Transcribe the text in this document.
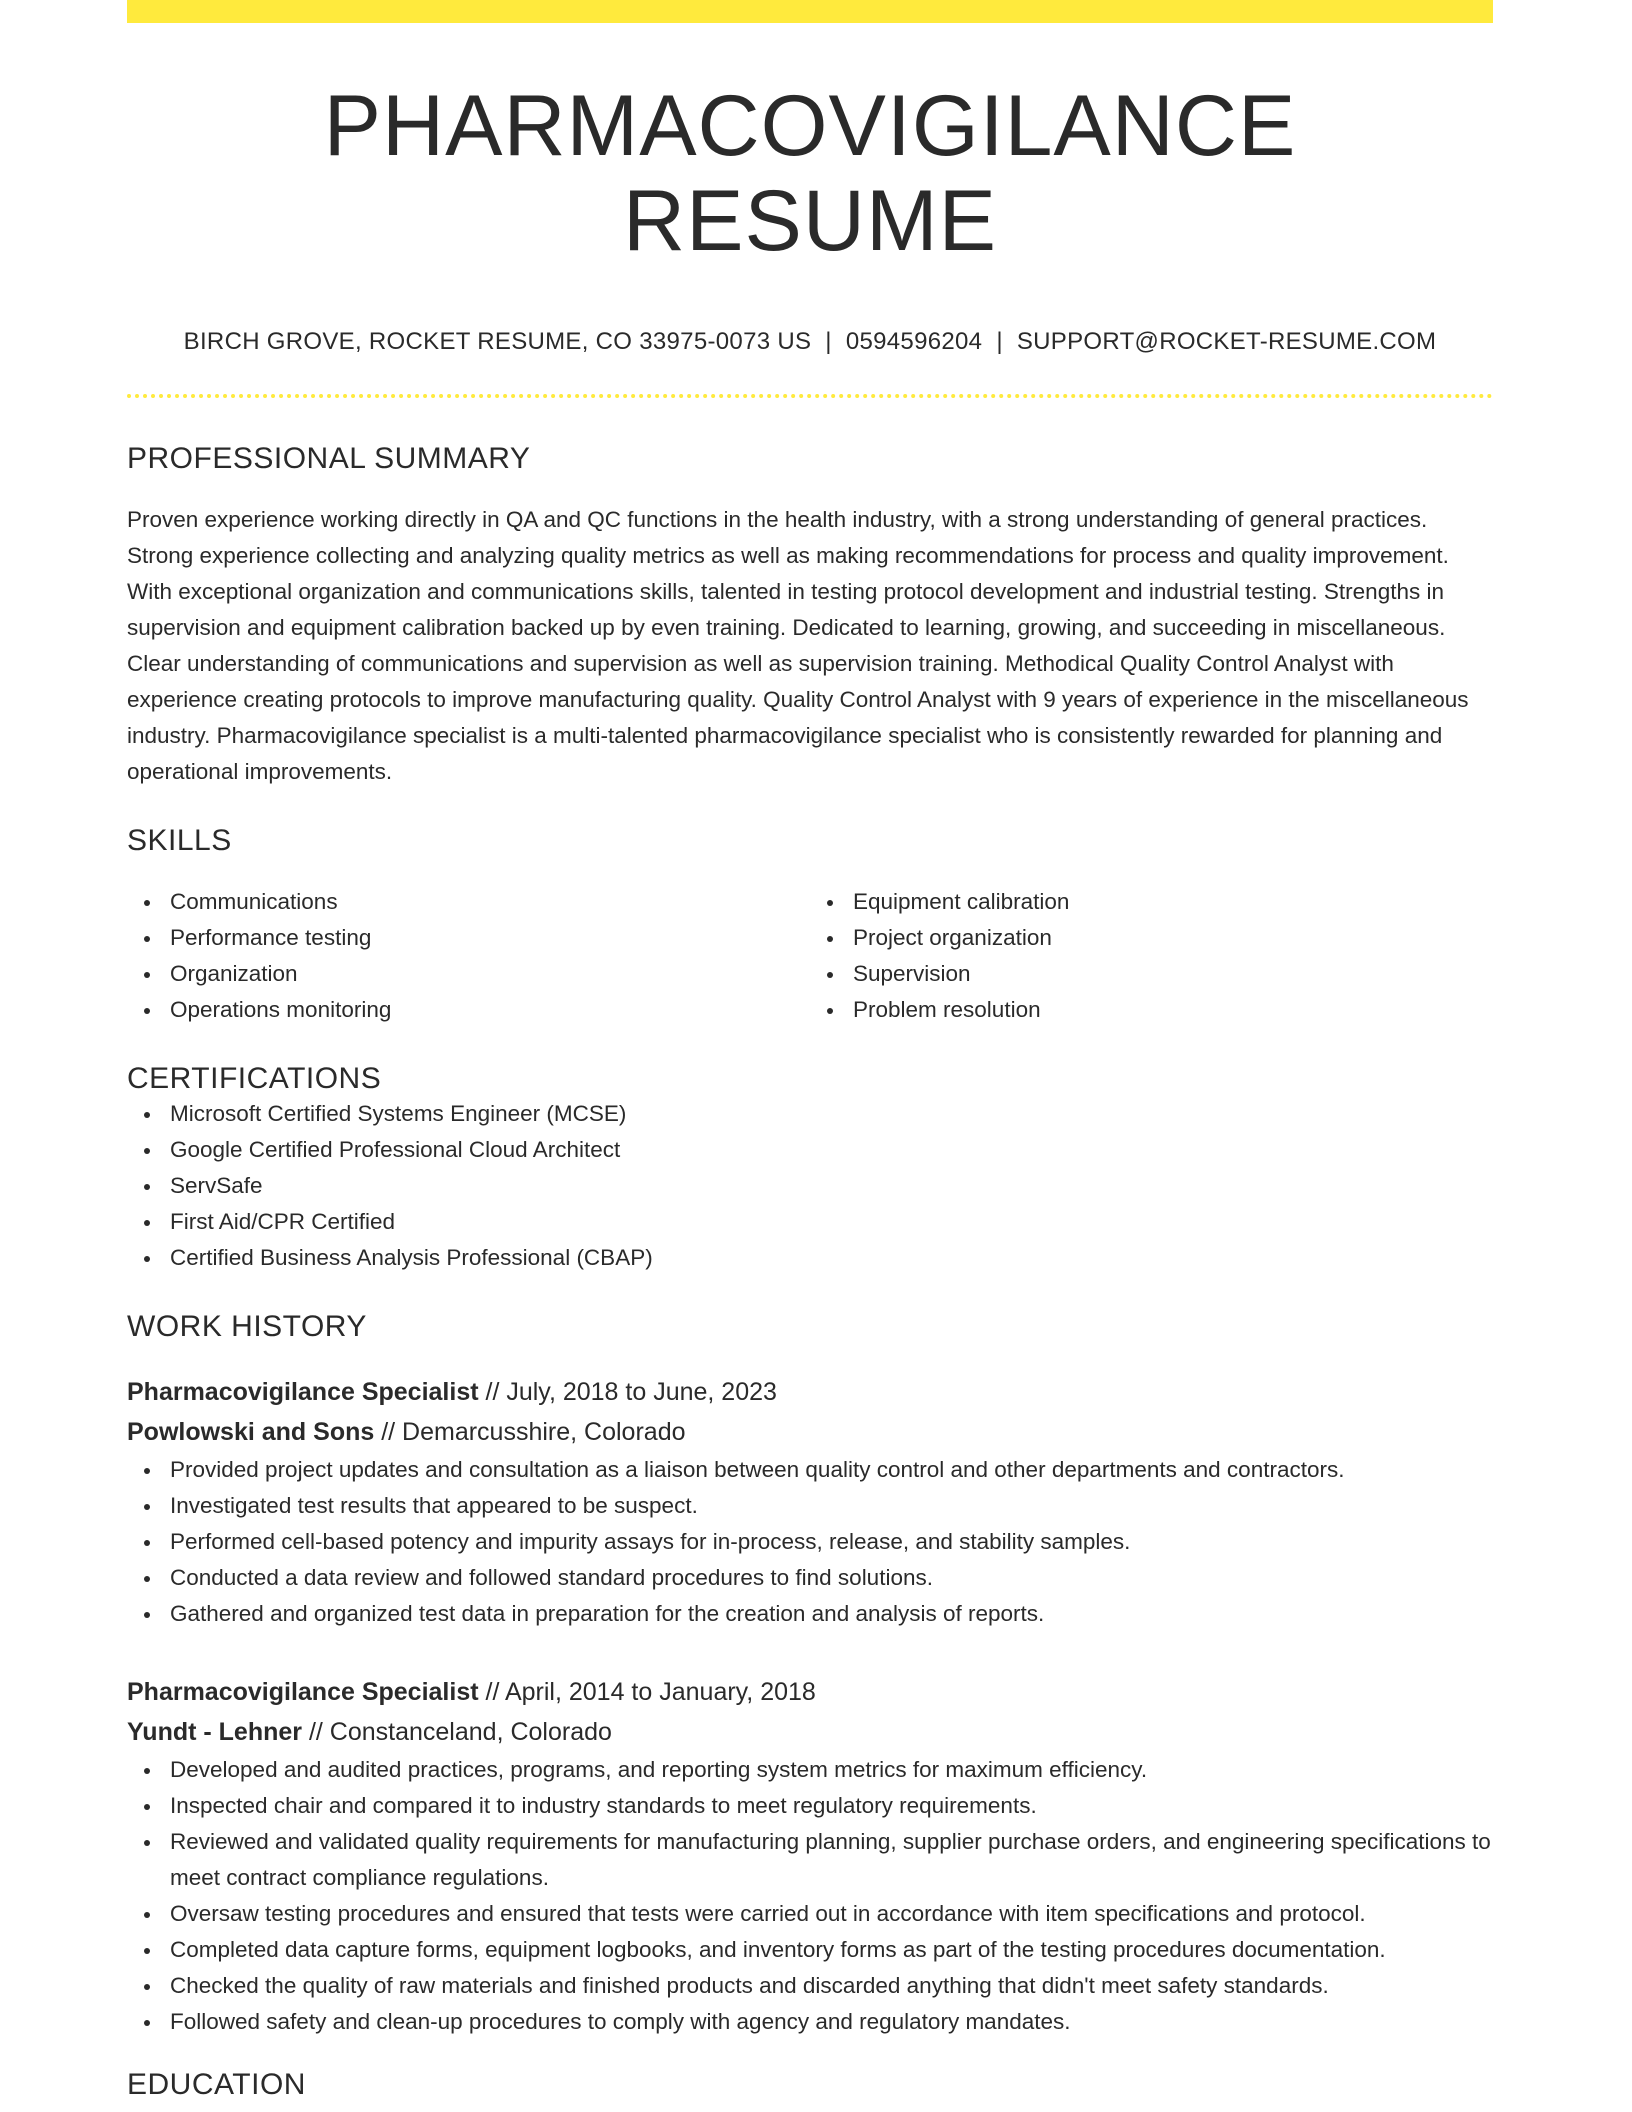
PHARMACOVIGILANCE RESUME
BIRCH GROVE, ROCKET RESUME, CO 33975-0073 US | 0594596204 | SUPPORT@ROCKET-RESUME.COM
PROFESSIONAL SUMMARY

Proven experience working directly in QA and QC functions in the health industry, with a strong understanding of general practices. Strong experience collecting and analyzing quality metrics as well as making recommendations for process and quality improvement. With exceptional organization and communications skills, talented in testing protocol development and industrial testing. Strengths in supervision and equipment calibration backed up by even training. Dedicated to learning, growing, and succeeding in miscellaneous. Clear understanding of communications and supervision as well as supervision training. Methodical Quality Control Analyst with experience creating protocols to improve manufacturing quality. Quality Control Analyst with 9 years of experience in the miscellaneous industry. Pharmacovigilance specialist is a multi-talented pharmacovigilance specialist who is consistently rewarded for planning and operational improvements.

SKILLS
Communications
Performance testing
Organization
Operations monitoring
Equipment calibration
Project organization
Supervision
Problem resolution
CERTIFICATIONS
Microsoft Certified Systems Engineer (MCSE)
Google Certified Professional Cloud Architect
ServSafe
First Aid/CPR Certified
Certified Business Analysis Professional (CBAP)
WORK HISTORY
Pharmacovigilance Specialist // July, 2018 to June, 2023
Powlowski and Sons // Demarcusshire, Colorado
Provided project updates and consultation as a liaison between quality control and other departments and contractors.
Investigated test results that appeared to be suspect.
Performed cell-based potency and impurity assays for in-process, release, and stability samples.
Conducted a data review and followed standard procedures to find solutions.
Gathered and organized test data in preparation for the creation and analysis of reports.
Pharmacovigilance Specialist // April, 2014 to January, 2018
Yundt - Lehner // Constanceland, Colorado
Developed and audited practices, programs, and reporting system metrics for maximum efficiency.
Inspected chair and compared it to industry standards to meet regulatory requirements.
Reviewed and validated quality requirements for manufacturing planning, supplier purchase orders, and engineering specifications to meet contract compliance regulations.
Oversaw testing procedures and ensured that tests were carried out in accordance with item specifications and protocol.
Completed data capture forms, equipment logbooks, and inventory forms as part of the testing procedures documentation.
Checked the quality of raw materials and finished products and discarded anything that didn't meet safety standards.
Followed safety and clean-up procedures to comply with agency and regulatory mandates.
EDUCATION
